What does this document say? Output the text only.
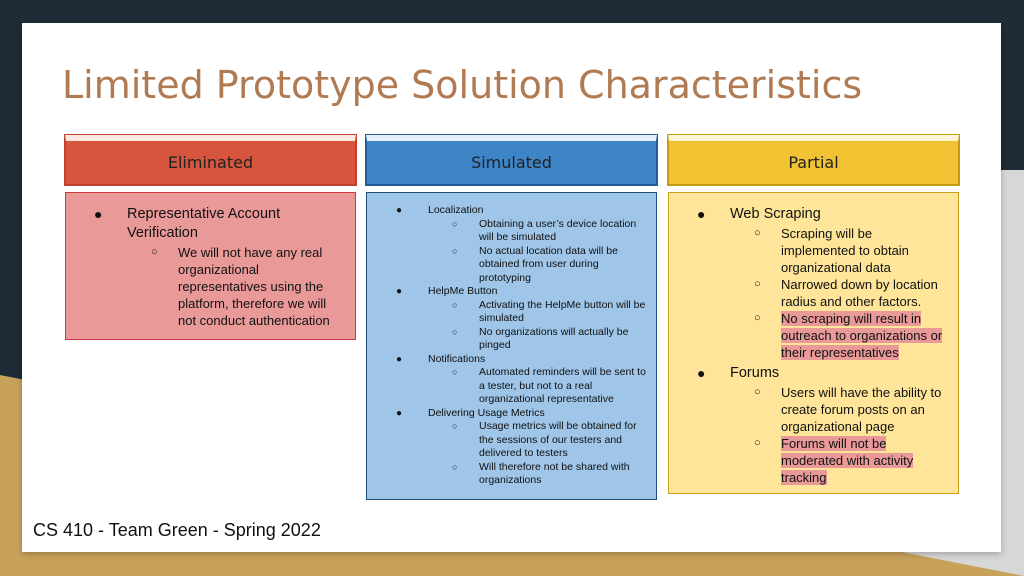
Limited Prototype Solution Characteristics
Eliminated
● Representative Account Verification
○ We will not have any real organizational representatives using the platform, therefore we will not conduct authentication
Simulated
● Localization
○ Obtaining a user’s device location will be simulated
○ No actual location data will be obtained from user during prototyping
● HelpMe Button
○ Activating the HelpMe button will be simulated
○ No organizations will actually be pinged
● Notifications
○ Automated reminders will be sent to a tester, but not to a real organizational representative
● Delivering Usage Metrics
○ Usage metrics will be obtained for the sessions of our testers and delivered to testers
○ Will therefore not be shared with organizations
Partial
● Web Scraping
○ Scraping will be implemented to obtain organizational data
○ Narrowed down by location radius and other factors.
○ No scraping will result in outreach to organizations or their representatives
● Forums
○ Users will have the ability to create forum posts on an organizational page
○ Forums will not be moderated with activity tracking
CS 410 - Team Green - Spring 2022
